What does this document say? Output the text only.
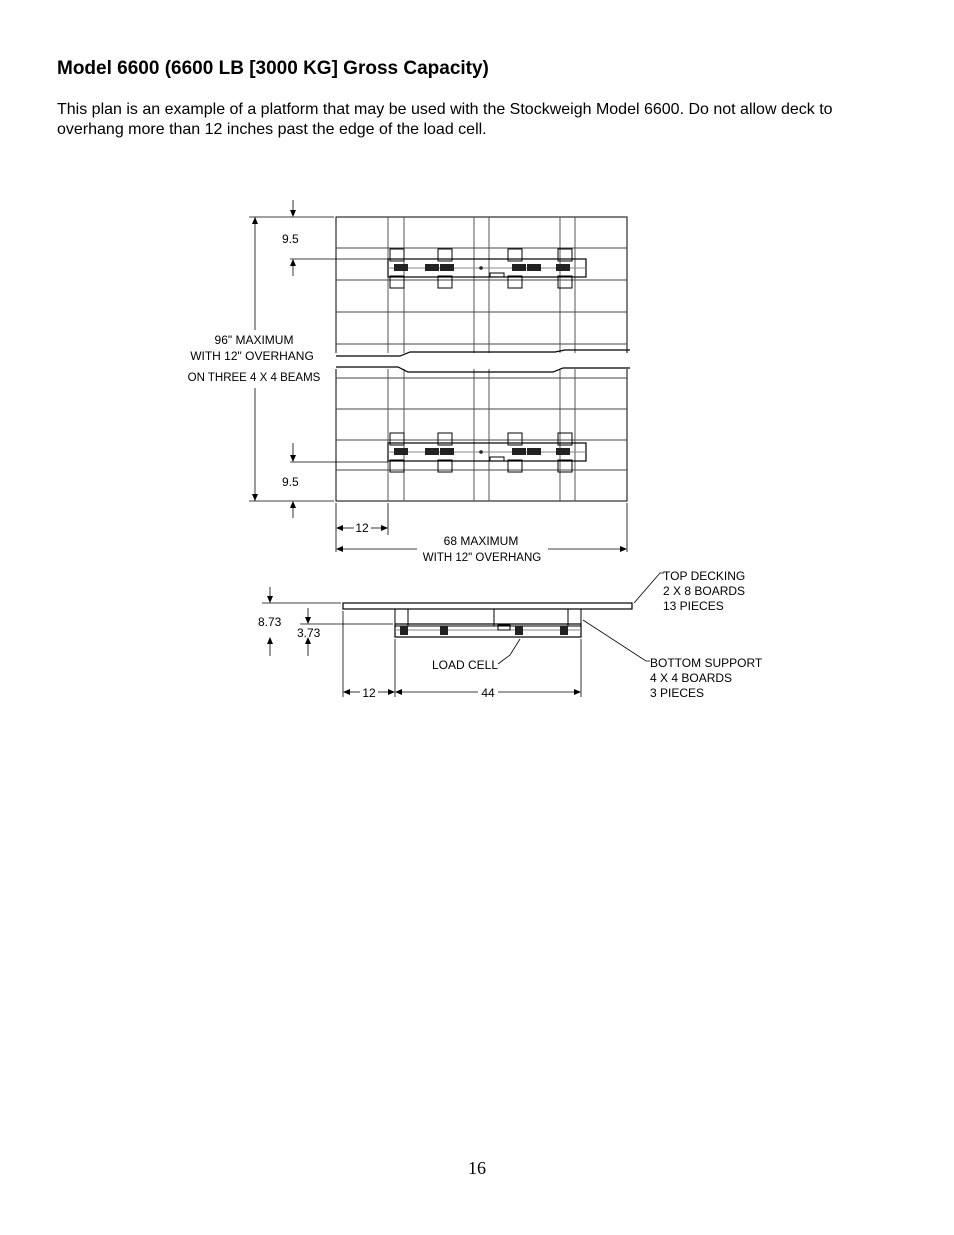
Model 6600 (6600 LB [3000 KG] Gross Capacity)
This plan is an example of a platform that may be used with the Stockweigh Model 6600. Do not allow deck to overhang more than 12 inches past the edge of the load cell.
9.5
9.5
96" MAXIMUM
WITH 12" OVERHANG
ON THREE 4 X 4 BEAMS
12
68 MAXIMUM
WITH 12" OVERHANG
8.73
3.73
TOP DECKING
2 X 8 BOARDS
13 PIECES
LOAD CELL	BOTTOM SUPPORT
4 X 4 BOARDS
3 PIECES
12	44
16
